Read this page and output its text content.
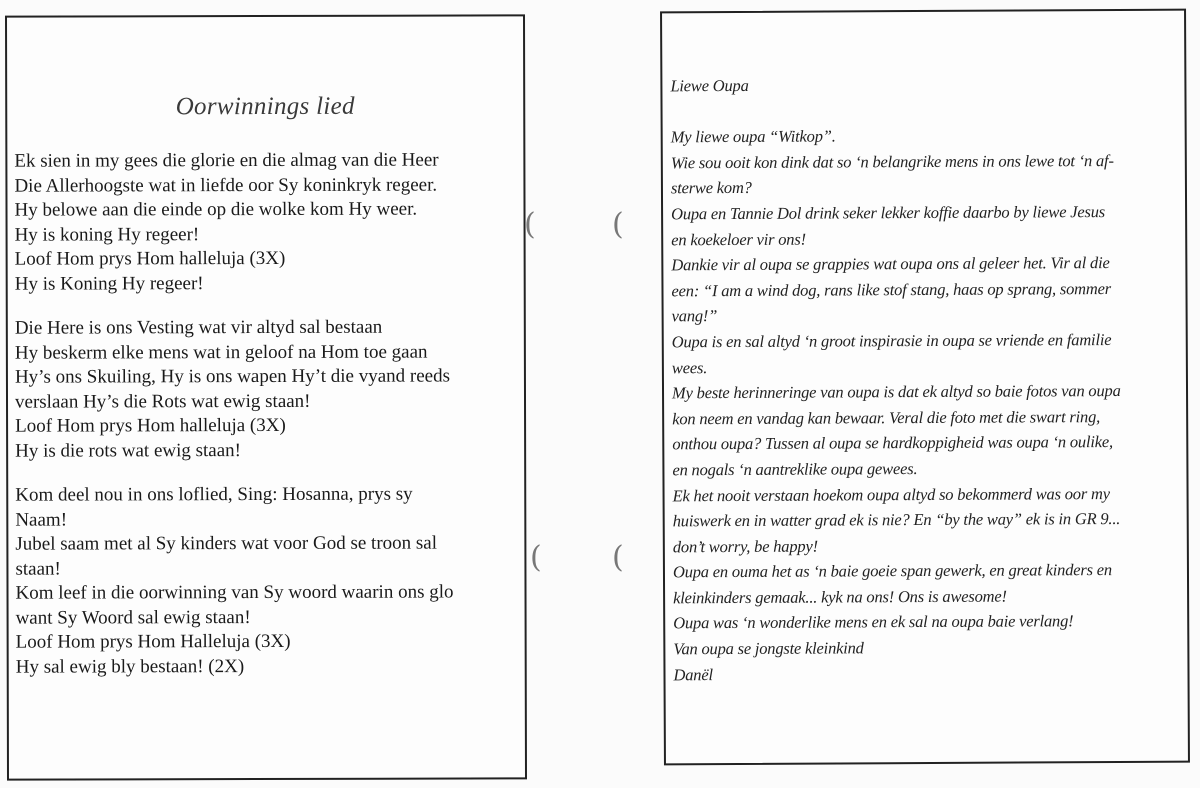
Oorwinnings lied
Ek sien in my gees die glorie en die almag van die Heer
Die Allerhoogste wat in liefde oor Sy koninkryk regeer.
Hy belowe aan die einde op die wolke kom Hy weer.
Hy is koning Hy regeer!
Loof Hom prys Hom halleluja (3X)
Hy is Koning Hy regeer!
Die Here is ons Vesting wat vir altyd sal bestaan
Hy beskerm elke mens wat in geloof na Hom toe gaan
Hy’s ons Skuiling, Hy is ons wapen Hy’t die vyand reeds
verslaan Hy’s die Rots wat ewig staan!
Loof Hom prys Hom halleluja (3X)
Hy is die rots wat ewig staan!
Kom deel nou in ons loflied, Sing: Hosanna, prys sy
Naam!
Jubel saam met al Sy kinders wat voor God se troon sal
staan!
Kom leef in die oorwinning van Sy woord waarin ons glo
want Sy Woord sal ewig staan!
Loof Hom prys Hom Halleluja (3X)
Hy sal ewig bly bestaan! (2X)
(	(
( (
Liewe Oupa
My liewe oupa “Witkop”.
Wie sou ooit kon dink dat so ‘n belangrike mens in ons lewe tot ‘n af-
sterwe kom?
Oupa en Tannie Dol drink seker lekker koffie daarbo by liewe Jesus
en koekeloer vir ons!
Dankie vir al oupa se grappies wat oupa ons al geleer het. Vir al die
een: “I am a wind dog, rans like stof stang, haas op sprang, sommer
vang!”
Oupa is en sal altyd ‘n groot inspirasie in oupa se vriende en familie
wees.
My beste herinneringe van oupa is dat ek altyd so baie fotos van oupa
kon neem en vandag kan bewaar. Veral die foto met die swart ring,
onthou oupa? Tussen al oupa se hardkoppigheid was oupa ‘n oulike,
en nogals ‘n aantreklike oupa gewees.
Ek het nooit verstaan hoekom oupa altyd so bekommerd was oor my
huiswerk en in watter grad ek is nie? En “by the way” ek is in GR 9...
don’t worry, be happy!
Oupa en ouma het as ‘n baie goeie span gewerk, en great kinders en
kleinkinders gemaak... kyk na ons! Ons is awesome!
Oupa was ‘n wonderlike mens en ek sal na oupa baie verlang!
Van oupa se jongste kleinkind
Danël
